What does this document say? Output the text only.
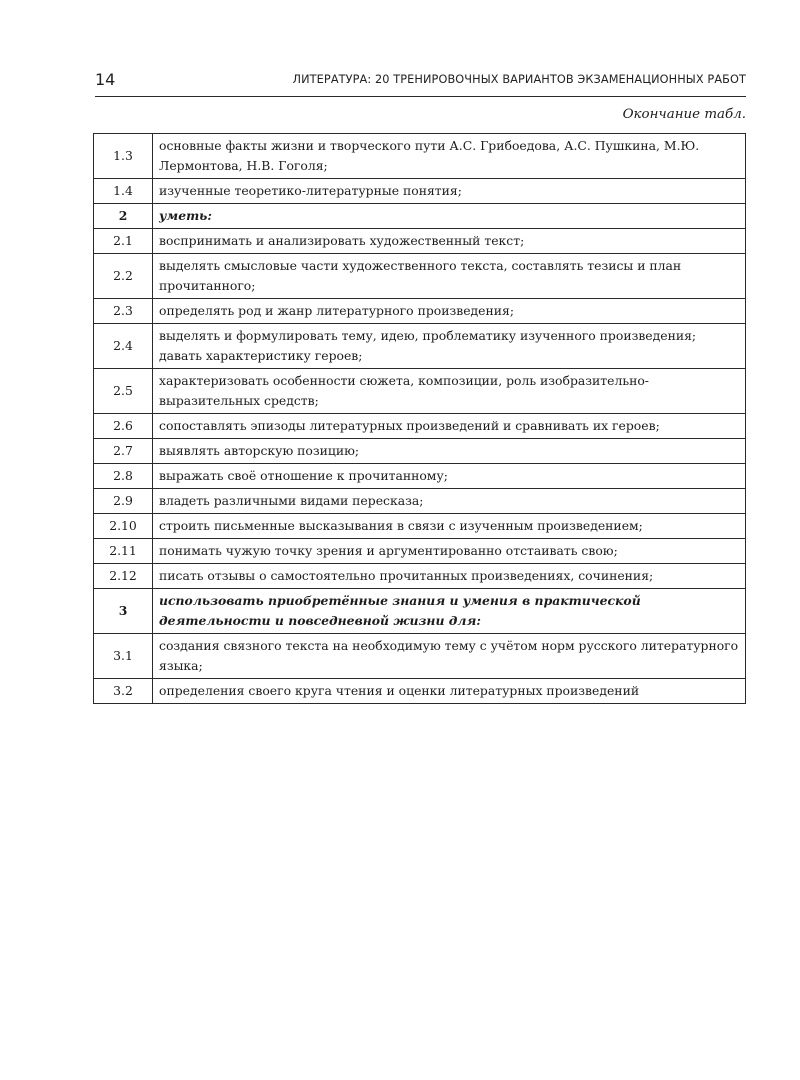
14	ЛИТЕРАТУРА: 20 ТРЕНИРОВОЧНЫХ ВАРИАНТОВ ЭКЗАМЕНАЦИОННЫХ РАБОТ
Окончание табл.
1.3	основные факты жизни и творческого пути А.С. Грибоедова, А.С. Пушкина, М.Ю. Лермонтова, Н.В. Гоголя;
1.4	изученные теоретико-литературные понятия;
2	уметь:
2.1	воспринимать и анализировать художественный текст;
2.2	выделять смысловые части художественного текста, составлять тезисы и план прочитанного;
2.3	определять род и жанр литературного произведения;
2.4	выделять и формулировать тему, идею, проблематику изученного произведения; давать характеристику героев;
2.5	характеризовать особенности сюжета, композиции, роль изобразительно-выразительных средств;
2.6	сопоставлять эпизоды литературных произведений и сравнивать их героев;
2.7	выявлять авторскую позицию;
2.8	выражать своё отношение к прочитанному;
2.9	владеть различными видами пересказа;
2.10	строить письменные высказывания в связи с изученным произведением;
2.11	понимать чужую точку зрения и аргументированно отстаивать свою;
2.12	писать отзывы о самостоятельно прочитанных произведениях, сочинения;
3	использовать приобретённые знания и умения в практической деятельности и повседневной жизни для:
3.1	создания связного текста на необходимую тему с учётом норм русского литературного языка;
3.2	определения своего круга чтения и оценки литературных произведений
